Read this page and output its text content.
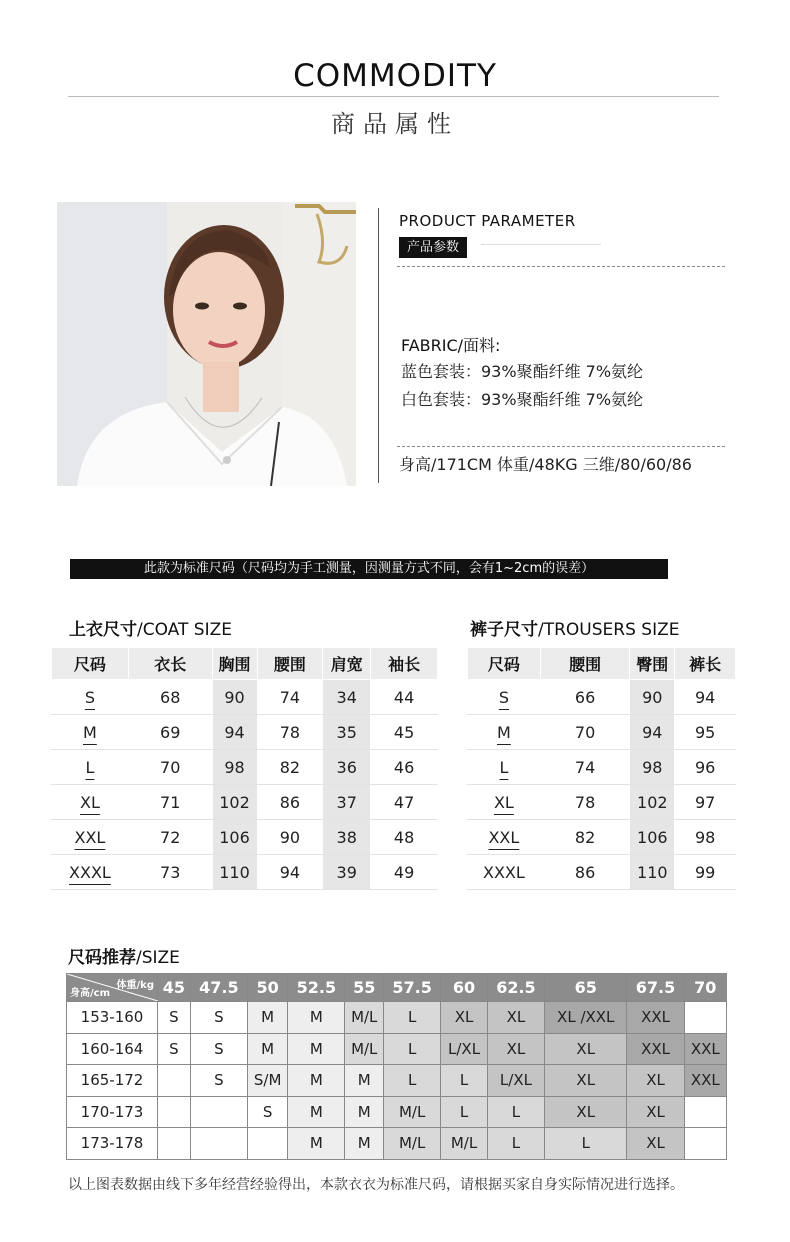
COMMODITY
商品属性
PRODUCT PARAMETER
产品参数
FABRIC/面料:
蓝色套装：93%聚酯纤维 7%氨纶
白色套装：93%聚酯纤维 7%氨纶
身高/171CM 体重/48KG 三维/80/60/86
此款为标准尺码（尺码均为手工测量，因测量方式不同，会有1~2cm的误差）
上衣尺寸/COAT SIZE
尺码	衣长	胸围	腰围	肩宽	袖长
S	68	90	74	34	44
M	69	94	78	35	45
L	70	98	82	36	46
XL	71	102	86	37	47
XXL	72	106	90	38	48
XXXL	73	110	94	39	49
裤子尺寸/TROUSERS SIZE
尺码	腰围	臀围	裤长
S	66	90	94
M	70	94	95
L	74	98	96
XL	78	102	97
XXL	82	106	98
XXXL	86	110	99
尺码推荐/SIZE
体重/kg
身高/cm	45	47.5	50	52.5	55	57.5	60	62.5	65	67.5	70
153-160	S	S	M	M	M/L	L	XL	XL	XL /XXL	XXL	
160-164	S	S	M	M	M/L	L	L/XL	XL	XL	XXL	XXL
165-172		S	S/M	M	M	L	L	L/XL	XL	XL	XXL
170-173			S	M	M	M/L	L	L	XL	XL	
173-178				M	M	M/L	M/L	L	L	XL	
以上图表数据由线下多年经营经验得出，本款衣衣为标准尺码，请根据买家自身实际情况进行选择。
